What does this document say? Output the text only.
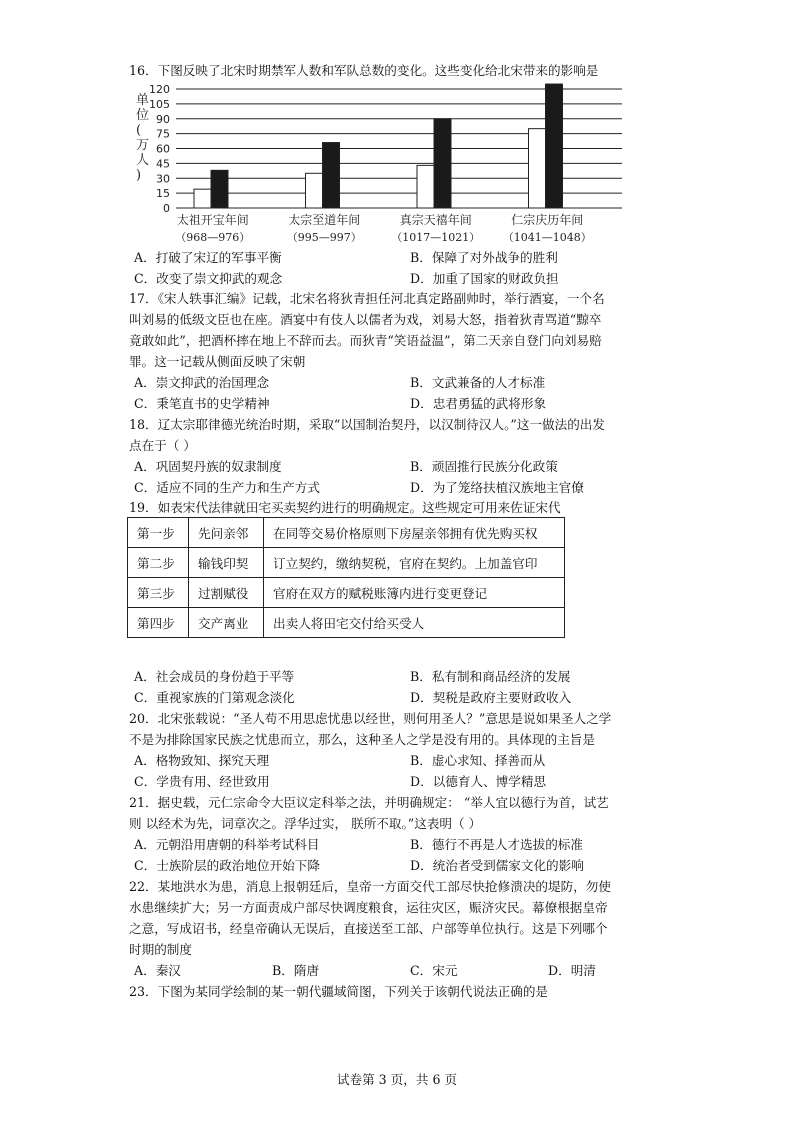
16．下图反映了北宋时期禁军人数和军队总数的变化。这些变化给北宋带来的影响是
0
15
30
45
60
75
90
105
120
太祖开宝年间
（968—976）
太宗至道年间
（995—997）
真宗天禧年间
（1017—1021）
仁宗庆历年间
（1041—1048）
单位(万人)
A．打破了宋辽的军事平衡	B．保障了对外战争的胜利
C．改变了崇文抑武的观念	D．加重了国家的财政负担
17．《宋人轶事汇编》记载，北宋名将狄青担任河北真定路副帅时，举行酒宴，一个名
叫刘易的低级文臣也在座。酒宴中有伎人以儒者为戏，刘易大怒，指着狄青骂道“黥卒
竟敢如此”，把酒杯摔在地上不辞而去。而狄青“笑语益温”，第二天亲自登门向刘易赔
罪。这一记载从侧面反映了宋朝
A．崇文抑武的治国理念	B．文武兼备的人才标准
C．秉笔直书的史学精神	D．忠君勇猛的武将形象
18．辽太宗耶律德光统治时期，采取“以国制治契丹，以汉制待汉人。”这一做法的出发
点在于（ ）
A．巩固契丹族的奴隶制度	B．顽固推行民族分化政策
C．适应不同的生产力和生产方式	D．为了笼络扶植汉族地主官僚
19．如表宋代法律就田宅买卖契约进行的明确规定。这些规定可用来佐证宋代
第一步	先问亲邻	在同等交易价格原则下房屋亲邻拥有优先购买权
第二步	输钱印契	订立契约，缴纳契税，官府在契约。上加盖官印
第三步	过割赋役	官府在双方的赋税账簿内进行变更登记
第四步	交产离业	出卖人将田宅交付给买受人
A．社会成员的身份趋于平等	B．私有制和商品经济的发展
C．重视家族的门第观念淡化	D．契税是政府主要财政收入
20．北宋张载说：“圣人苟不用思虑忧患以经世，则何用圣人？”意思是说如果圣人之学
不是为排除国家民族之忧患而立，那么，这种圣人之学是没有用的。具体现的主旨是
A．格物致知、探究天理	B．虚心求知、择善而从
C．学贵有用、经世致用	D．以德育人、博学精思
21．据史载，元仁宗命令大臣议定科举之法，并明确规定： “举人宜以德行为首，试艺
则 以经术为先，词章次之。浮华过实， 朕所不取。”这表明（ ）
A．元朝沿用唐朝的科举考试科目	B．德行不再是人才选拔的标准
C．士族阶层的政治地位开始下降	D．统治者受到儒家文化的影响
22．某地洪水为患，消息上报朝廷后，皇帝一方面交代工部尽快抢修溃决的堤防，勿使
水患继续扩大；另一方面责成户部尽快调度粮食，运往灾区，赈济灾民。幕僚根据皇帝
之意，写成诏书，经皇帝确认无误后，直接送至工部、户部等单位执行。这是下列哪个
时期的制度
A．秦汉	B．隋唐	C．宋元	D．明清
23．下图为某同学绘制的某一朝代疆域简图，下列关于该朝代说法正确的是
试卷第 3 页，共 6 页
